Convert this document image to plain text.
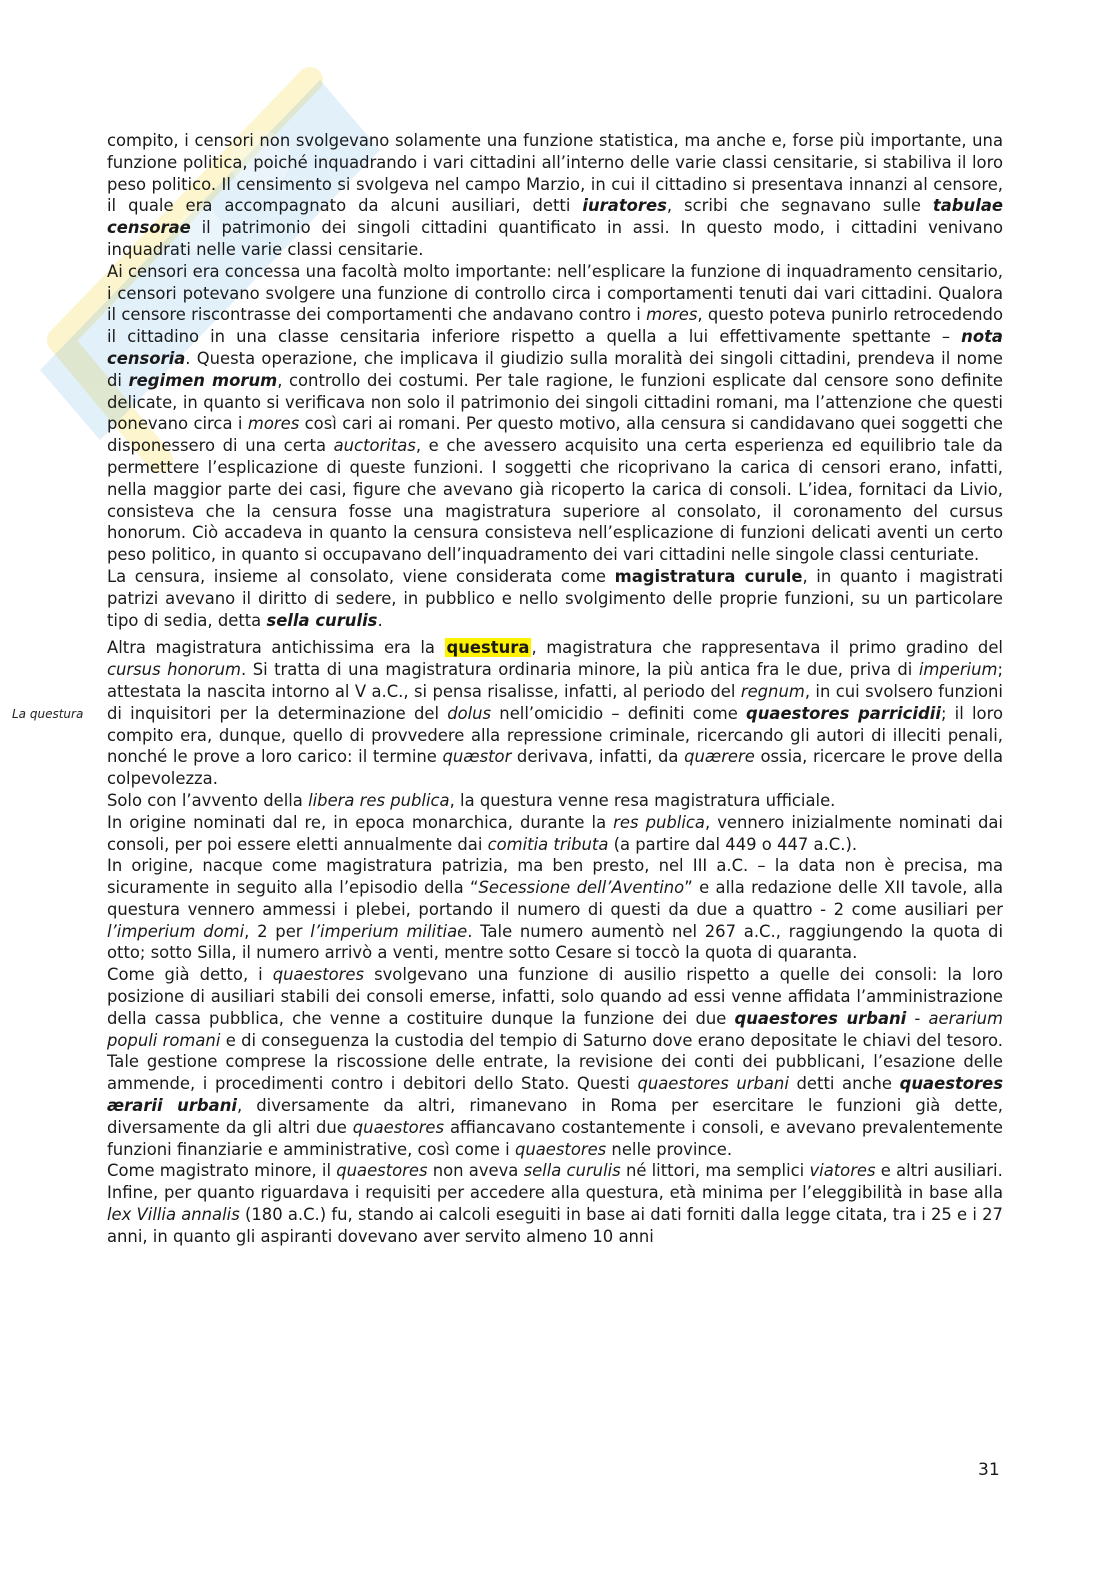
La questura

compito, i censori non svolgevano solamente una funzione statistica, ma anche e, forse più importante, una funzione politica, poiché inquadrando i vari cittadini all’interno delle varie classi censitarie, si stabiliva il loro peso politico. Il censimento si svolgeva nel campo Marzio, in cui il cittadino si presentava innanzi al censore, il quale era accompagnato da alcuni ausiliari, detti iuratores, scribi che segnavano sulle tabulae censorae il patrimonio dei singoli cittadini quantificato in assi. In questo modo, i cittadini venivano inquadrati nelle varie classi censitarie.

Ai censori era concessa una facoltà molto importante: nell’esplicare la funzione di inquadramento censitario, i censori potevano svolgere una funzione di controllo circa i comportamenti tenuti dai vari cittadini. Qualora il censore riscontrasse dei comportamenti che andavano contro i mores, questo poteva punirlo retrocedendo il cittadino in una classe censitaria inferiore rispetto a quella a lui effettivamente spettante – nota censoria. Questa operazione, che implicava il giudizio sulla moralità dei singoli cittadini, prendeva il nome di regimen morum, controllo dei costumi. Per tale ragione, le funzioni esplicate dal censore sono definite delicate, in quanto si verificava non solo il patrimonio dei singoli cittadini romani, ma l’attenzione che questi ponevano circa i mores così cari ai romani. Per questo motivo, alla censura si candidavano quei soggetti che disponessero di una certa auctoritas, e che avessero acquisito una certa esperienza ed equilibrio tale da permettere l’esplicazione di queste funzioni. I soggetti che ricoprivano la carica di censori erano, infatti, nella maggior parte dei casi, figure che avevano già ricoperto la carica di consoli. L’idea, fornitaci da Livio, consisteva che la censura fosse una magistratura superiore al consolato, il coronamento del cursus honorum. Ciò accadeva in quanto la censura consisteva nell’esplicazione di funzioni delicati aventi un certo peso politico, in quanto si occupavano dell’inquadramento dei vari cittadini nelle singole classi centuriate.

La censura, insieme al consolato, viene considerata come magistratura curule, in quanto i magistrati patrizi avevano il diritto di sedere, in pubblico e nello svolgimento delle proprie funzioni, su un particolare tipo di sedia, detta sella curulis.

Altra magistratura antichissima era la questura , magistratura che rappresentava il primo gradino del cursus honorum. Si tratta di una magistratura ordinaria minore, la più antica fra le due, priva di imperium; attestata la nascita intorno al V a.C., si pensa risalisse, infatti, al periodo del regnum, in cui svolsero funzioni di inquisitori per la determinazione del dolus nell’omicidio – definiti come quaestores parricidii; il loro compito era, dunque, quello di provvedere alla repressione criminale, ricercando gli autori di illeciti penali, nonché le prove a loro carico: il termine quæstor derivava, infatti, da quærere ossia, ricercare le prove della colpevolezza.

Solo con l’avvento della libera res publica, la questura venne resa magistratura ufficiale.

In origine nominati dal re, in epoca monarchica, durante la res publica, vennero inizialmente nominati dai consoli, per poi essere eletti annualmente dai comitia tributa (a partire dal 449 o 447 a.C.).

In origine, nacque come magistratura patrizia, ma ben presto, nel III a.C. – la data non è precisa, ma sicuramente in seguito alla l’episodio della “Secessione dell’Aventino” e alla redazione delle XII tavole, alla questura vennero ammessi i plebei, portando il numero di questi da due a quattro - 2 come ausiliari per l’imperium domi, 2 per l’imperium militiae. Tale numero aumentò nel 267 a.C., raggiungendo la quota di otto; sotto Silla, il numero arrivò a venti, mentre sotto Cesare si toccò la quota di quaranta.

Come già detto, i quaestores svolgevano una funzione di ausilio rispetto a quelle dei consoli: la loro posizione di ausiliari stabili dei consoli emerse, infatti, solo quando ad essi venne affidata l’amministrazione della cassa pubblica, che venne a costituire dunque la funzione dei due quaestores urbani - aerarium populi romani e di conseguenza la custodia del tempio di Saturno dove erano depositate le chiavi del tesoro. Tale gestione comprese la riscossione delle entrate, la revisione dei conti dei pubblicani, l’esazione delle ammende, i procedimenti contro i debitori dello Stato. Questi quaestores urbani detti anche quaestores ærarii urbani, diversamente da altri, rimanevano in Roma per esercitare le funzioni già dette, diversamente da gli altri due quaestores affiancavano costantemente i consoli, e avevano prevalentemente funzioni finanziarie e amministrative, così come i quaestores nelle province.

Come magistrato minore, il quaestores non aveva sella curulis né littori, ma semplici viatores e altri ausiliari.

Infine, per quanto riguardava i requisiti per accedere alla questura, età minima per l’eleggibilità in base alla lex Villia annalis (180 a.C.) fu, stando ai calcoli eseguiti in base ai dati forniti dalla legge citata, tra i 25 e i 27 anni, in quanto gli aspiranti dovevano aver servito almeno 10 anni

31
